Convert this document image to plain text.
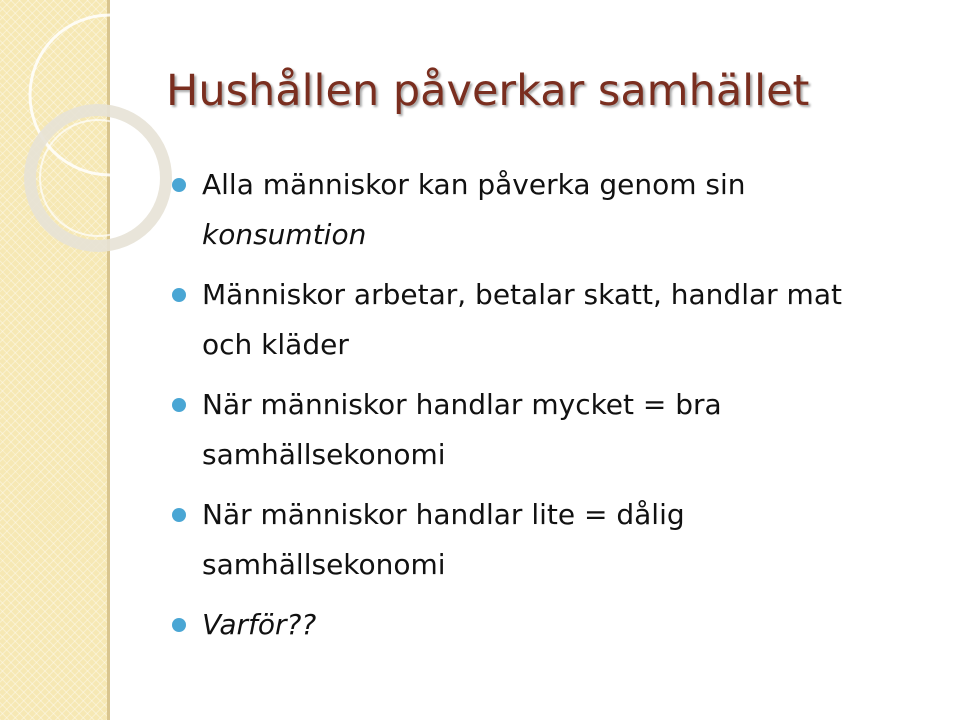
Hushållen påverkar samhället
Alla människor kan påverka genom sin konsumtion
Människor arbetar, betalar skatt, handlar mat och kläder
När människor handlar mycket = bra samhällsekonomi
När människor handlar lite = dålig samhällsekonomi
Varför??
